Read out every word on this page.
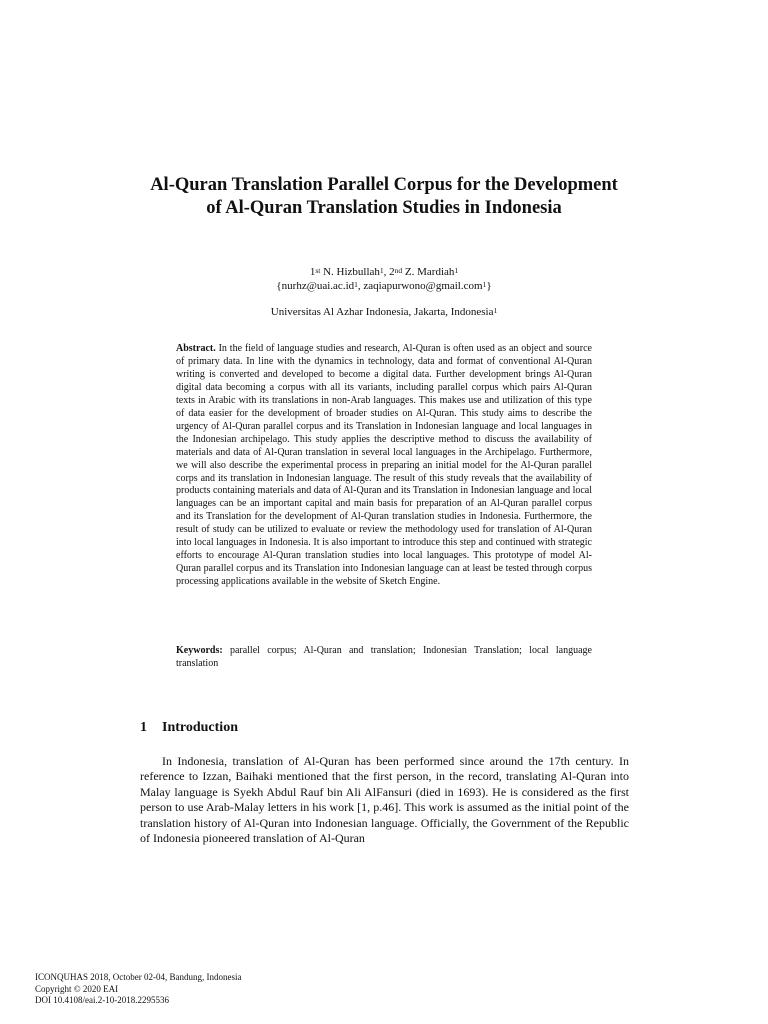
Al-Quran Translation Parallel Corpus for the Development of Al-Quran Translation Studies in Indonesia
1st N. Hizbullah$^1$, 2nd Z. Mardiah$^1$
{$nurhz@uai.ac.id^1$, zaqiapurwono@gmail.com$^1$}
Universitas Al Azhar Indonesia, Jakarta, Indonesia$^1$
Abstract. In the field of language studies and research, Al-Quran is often used as an object and source of primary data. In line with the dynamics in technology, data and format of conventional Al-Quran writing is converted and developed to become a digital data. Further development brings Al-Quran digital data becoming a corpus with all its variants, including parallel corpus which pairs Al-Quran texts in Arabic with its translations in non-Arab languages. This makes use and utilization of this type of data easier for the development of broader studies on Al-Quran. This study aims to describe the urgency of Al-Quran parallel corpus and its Translation in Indonesian language and local languages in the Indonesian archipelago. This study applies the descriptive method to discuss the availability of materials and data of Al-Quran translation in several local languages in the Archipelago. Furthermore, we will also describe the experimental process in preparing an initial model for the Al-Quran parallel corps and its translation in Indonesian language. The result of this study reveals that the availability of products containing materials and data of Al-Quran and its Translation in Indonesian language and local languages can be an important capital and main basis for preparation of an Al-Quran parallel corpus and its Translation for the development of Al-Quran translation studies in Indonesia. Furthermore, the result of study can be utilized to evaluate or review the methodology used for translation of Al-Quran into local languages in Indonesia. It is also important to introduce this step and continued with strategic efforts to encourage Al-Quran translation studies into local languages. This prototype of model Al-Quran parallel corpus and its Translation into Indonesian language can at least be tested through corpus processing applications available in the website of Sketch Engine.
Keywords: parallel corpus; Al-Quran and translation; Indonesian Translation; local language translation
1 Introduction
In Indonesia, translation of Al-Quran has been performed since around the 17th century. In reference to Izzan, Baihaki mentioned that the first person, in the record, translating Al-Quran into Malay language is Syekh Abdul Rauf bin Ali AlFansuri (died in 1693). He is considered as the first person to use Arab-Malay letters in his work [1, p.46]. This work is assumed as the initial point of the translation history of Al-Quran into Indonesian language. Officially, the Government of the Republic of Indonesia pioneered translation of Al-Quran
ICONQUHAS 2018, October 02-04, Bandung, Indonesia
Copyright © 2020 EAI
DOI 10.4108/eai.2-10-2018.2295536
